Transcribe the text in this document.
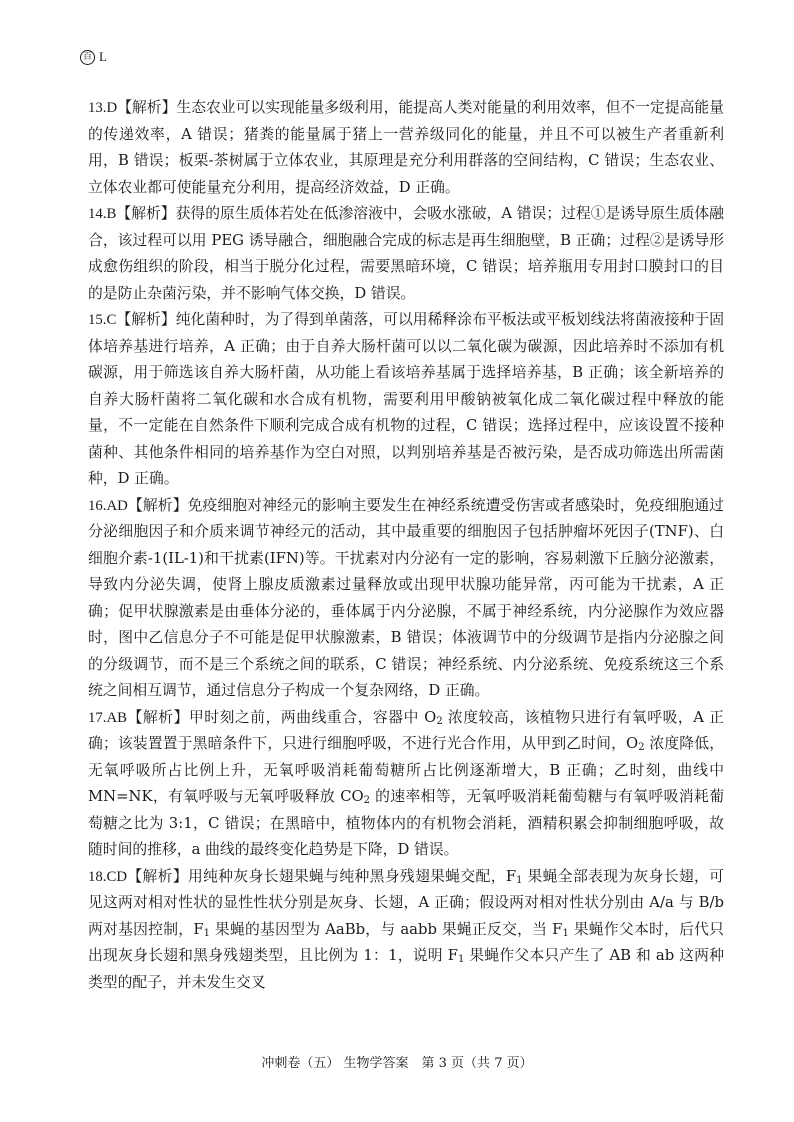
百 L

13.D【解析】生态农业可以实现能量多级利用，能提高人类对能量的利用效率，但不一定提高能量的传递效率，A 错误；猪粪的能量属于猪上一营养级同化的能量，并且不可以被生产者重新利用，B 错误；板栗-茶树属于立体农业，其原理是充分利用群落的空间结构，C 错误；生态农业、立体农业都可使能量充分利用，提高经济效益，D 正确。

14.B【解析】获得的原生质体若处在低渗溶液中，会吸水涨破，A 错误；过程①是诱导原生质体融合，该过程可以用 PEG 诱导融合，细胞融合完成的标志是再生细胞壁，B 正确；过程②是诱导形成愈伤组织的阶段，相当于脱分化过程，需要黑暗环境，C 错误；培养瓶用专用封口膜封口的目的是防止杂菌污染，并不影响气体交换，D 错误。

15.C【解析】纯化菌种时，为了得到单菌落，可以用稀释涂布平板法或平板划线法将菌液接种于固体培养基进行培养，A 正确；由于自养大肠杆菌可以以二氧化碳为碳源，因此培养时不添加有机碳源，用于筛选该自养大肠杆菌，从功能上看该培养基属于选择培养基，B 正确；该全新培养的自养大肠杆菌将二氧化碳和水合成有机物，需要利用甲酸钠被氧化成二氧化碳过程中释放的能量，不一定能在自然条件下顺利完成合成有机物的过程，C 错误；选择过程中，应该设置不接种菌种、其他条件相同的培养基作为空白对照，以判别培养基是否被污染，是否成功筛选出所需菌种，D 正确。

16.AD【解析】免疫细胞对神经元的影响主要发生在神经系统遭受伤害或者感染时，免疫细胞通过分泌细胞因子和介质来调节神经元的活动，其中最重要的细胞因子包括肿瘤坏死因子(TNF)、白细胞介素-1(IL-1)和干扰素(IFN)等。干扰素对内分泌有一定的影响，容易刺激下丘脑分泌激素，导致内分泌失调，使肾上腺皮质激素过量释放或出现甲状腺功能异常，丙可能为干扰素，A 正确；促甲状腺激素是由垂体分泌的，垂体属于内分泌腺，不属于神经系统，内分泌腺作为效应器时，图中乙信息分子不可能是促甲状腺激素，B 错误；体液调节中的分级调节是指内分泌腺之间的分级调节，而不是三个系统之间的联系，C 错误；神经系统、内分泌系统、免疫系统这三个系统之间相互调节，通过信息分子构成一个复杂网络，D 正确。

17.AB【解析】甲时刻之前，两曲线重合，容器中 $O_2$ 浓度较高，该植物只进行有氧呼吸，A 正确；该装置置于黑暗条件下，只进行细胞呼吸，不进行光合作用，从甲到乙时间，$O_2$ 浓度降低，无氧呼吸所占比例上升，无氧呼吸消耗葡萄糖所占比例逐渐增大，B 正确；乙时刻，曲线中 MN=NK，有氧呼吸与无氧呼吸释放 $CO_2$ 的速率相等，无氧呼吸消耗葡萄糖与有氧呼吸消耗葡萄糖之比为 3:1，C 错误；在黑暗中，植物体内的有机物会消耗，酒精积累会抑制细胞呼吸，故随时间的推移，a 曲线的最终变化趋势是下降，D 错误。

18.CD【解析】用纯种灰身长翅果蝇与纯种黑身残翅果蝇交配，$F_1$ 果蝇全部表现为灰身长翅，可见这两对相对性状的显性性状分别是灰身、长翅，A 正确；假设两对相对性状分别由 A/a 与 B/b 两对基因控制，$F_1$ 果蝇的基因型为 AaBb，与 aabb 果蝇正反交，当 $F_1$ 果蝇作父本时，后代只出现灰身长翅和黑身残翅类型，且比例为 1：1，说明 $F_1$ 果蝇作父本只产生了 AB 和 ab 这两种类型的配子，并未发生交叉

冲刺卷（五） 生物学答案　第 3 页（共 7 页）
